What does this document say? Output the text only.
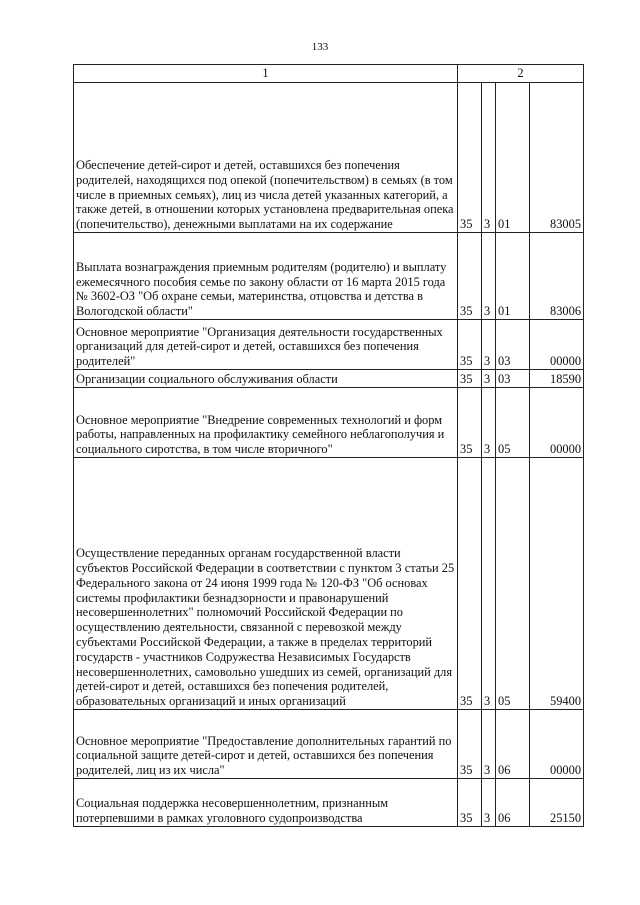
133
1	2			
Обеспечение детей-сирот и детей, оставшихся без попечения родителей, находящихся под опекой (попечительством) в семьях (в том числе в приемных семьях), лиц из числа детей указанных категорий, а также детей, в отношении которых установлена предварительная опека (попечительство), денежными выплатами на их содержание	35	3	01	83005
Выплата вознаграждения приемным родителям (родителю) и выплату ежемесячного пособия семье по закону области от 16 марта 2015 года № 3602-ОЗ "Об охране семьи, материнства, отцовства и детства в Вологодской области"	35	3	01	83006
Основное мероприятие "Организация деятельности государственных организаций для детей-сирот и детей, оставшихся без попечения родителей"	35	3	03	00000
Организации социального обслуживания области	35	3	03	18590
Основное мероприятие "Внедрение современных технологий и форм работы, направленных на профилактику семейного неблагополучия и социального сиротства, в том числе вторичного"	35	3	05	00000
Осуществление переданных органам государственной власти субъектов Российской Федерации в соответствии с пунктом 3 статьи 25 Федерального закона от 24 июня 1999 года № 120-ФЗ "Об основах системы профилактики безнадзорности и правонарушений несовершеннолетних" полномочий Российской Федерации по осуществлению деятельности, связанной с перевозкой между субъектами Российской Федерации, а также в пределах территорий государств - участников Содружества Независимых Государств несовершеннолетних, самовольно ушедших из семей, организаций для детей-сирот и детей, оставшихся без попечения родителей, образовательных организаций и иных организаций	35	3	05	59400
Основное мероприятие "Предоставление дополнительных гарантий по социальной защите детей-сирот и детей, оставшихся без попечения родителей, лиц из их числа"	35	3	06	00000
Социальная поддержка несовершеннолетним, признанным потерпевшими в рамках уголовного судопроизводства	35	3	06	25150
